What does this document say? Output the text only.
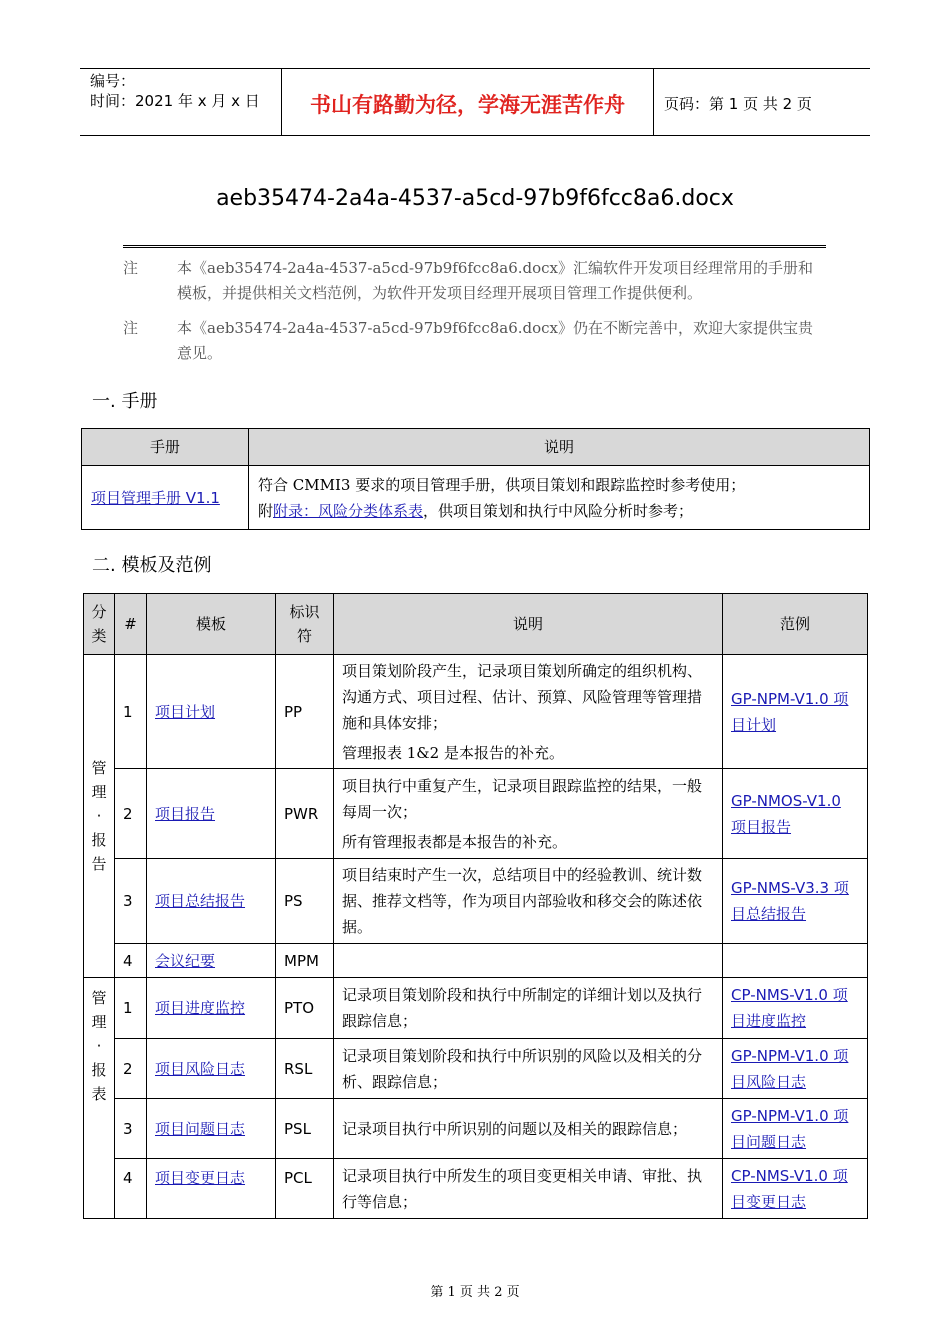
编号：
时间：2021 年 x 月 x 日	书山有路勤为径，学海无涯苦作舟	页码：第 1 页 共 2 页
aeb35474-2a4a-4537-a5cd-97b9f6fcc8a6.docx
注	本《aeb35474-2a4a-4537-a5cd-97b9f6fcc8a6.docx》汇编软件开发项目经理常用的手册和模板，并提供相关文档范例，为软件开发项目经理开展项目管理工作提供便利。
注	本《aeb35474-2a4a-4537-a5cd-97b9f6fcc8a6.docx》仍在不断完善中，欢迎大家提供宝贵意见。
一. 手册
手册	说明
项目管理手册 V1.1	符合 CMMI3 要求的项目管理手册，供项目策划和跟踪监控时参考使用；
附附录：风险分类体系表，供项目策划和执行中风险分析时参考；
二. 模板及范例
分类	#	模板	标识符	说明	范例
管理·报告	1	项目计划	PP	项目策划阶段产生，记录项目策划所确定的组织机构、沟通方式、项目过程、估计、预算、风险管理等管理措施和具体安排；
管理报表 1&2 是本报告的补充。	GP-NPM-V1.0 项目计划
	2	项目报告	PWR	项目执行中重复产生，记录项目跟踪监控的结果，一般每周一次；
所有管理报表都是本报告的补充。	GP-NMOS-V1.0 项目报告
	3	项目总结报告	PS	项目结束时产生一次，总结项目中的经验教训、统计数据、推荐文档等，作为项目内部验收和移交会的陈述依据。	GP-NMS-V3.3 项目总结报告
	4	会议纪要	MPM		
管理·报表	1	项目进度监控	PTO	记录项目策划阶段和执行中所制定的详细计划以及执行跟踪信息；	CP-NMS-V1.0 项目进度监控
	2	项目风险日志	RSL	记录项目策划阶段和执行中所识别的风险以及相关的分析、跟踪信息；	GP-NPM-V1.0 项目风险日志
	3	项目问题日志	PSL	记录项目执行中所识别的问题以及相关的跟踪信息；	GP-NPM-V1.0 项目问题日志
	4	项目变更日志	PCL	记录项目执行中所发生的项目变更相关申请、审批、执行等信息；	CP-NMS-V1.0 项目变更日志
第 1 页 共 2 页
